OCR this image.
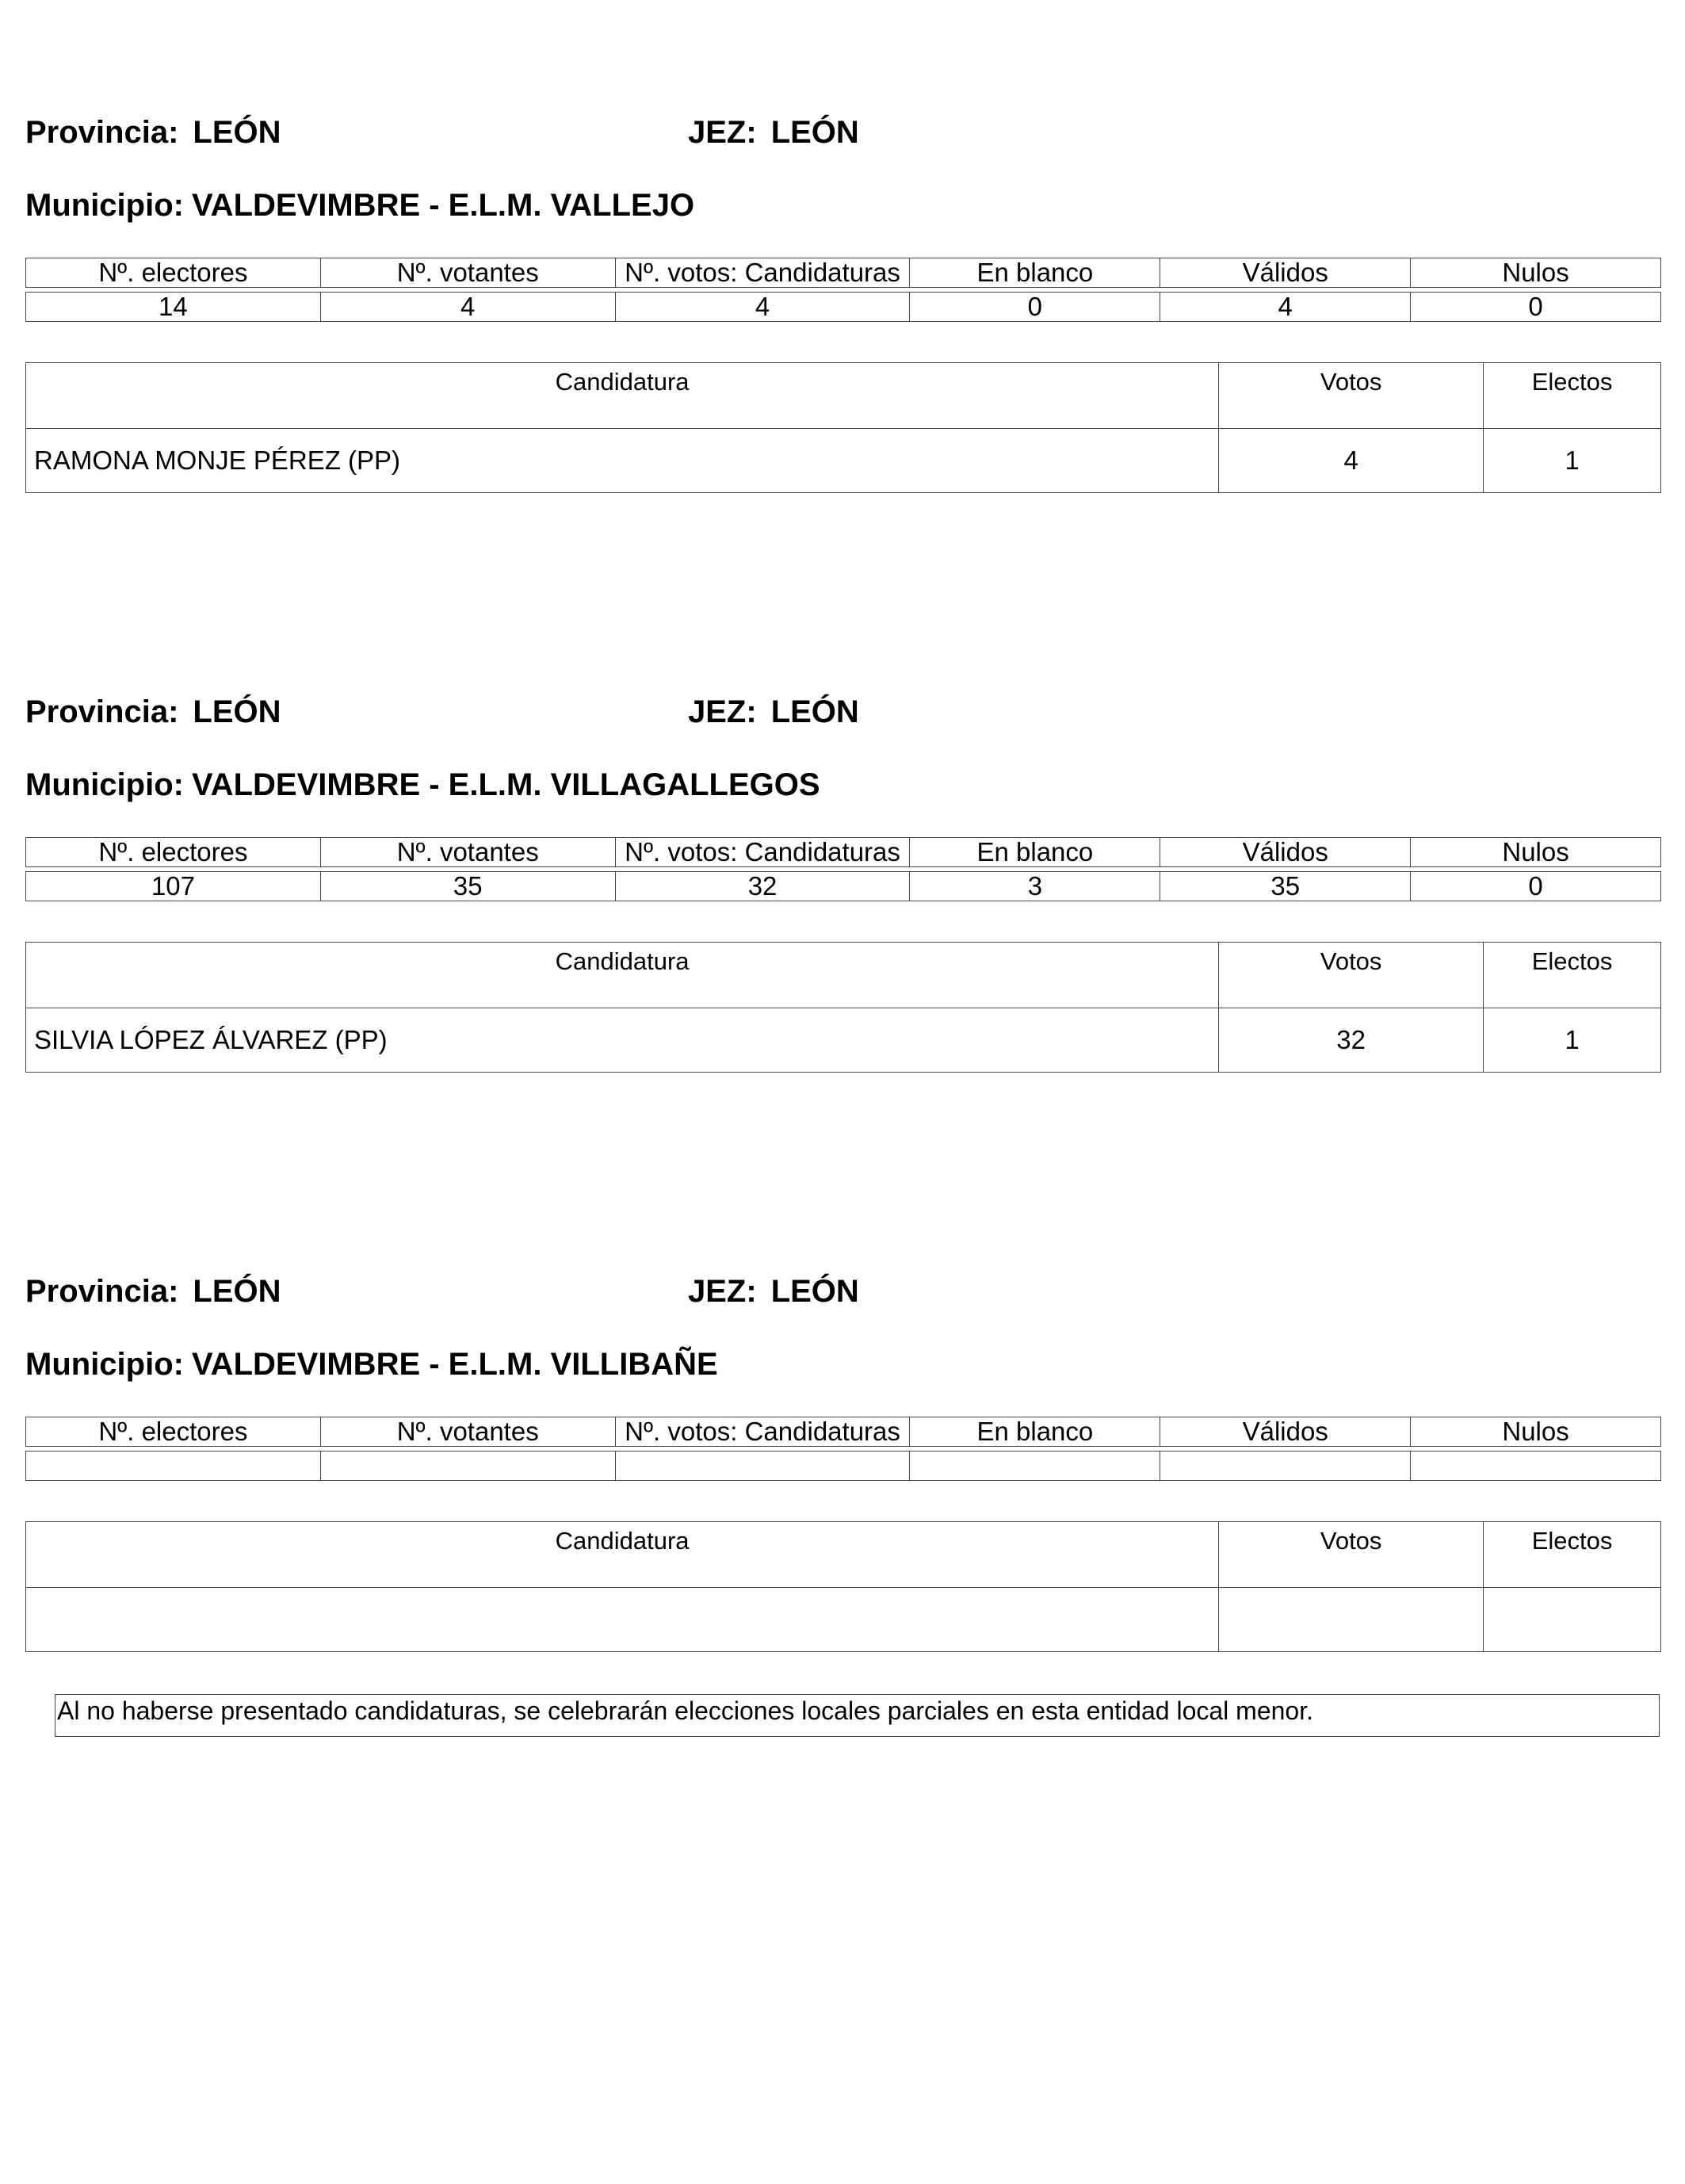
Provincia: LEÓN	JEZ: LEÓN
Municipio: VALDEVIMBRE - E.L.M. VALLEJO
Nº. electores	Nº. votantes	Nº. votos: Candidaturas	En blanco	Válidos	Nulos
14	4	4	0	4	0
Candidatura	Votos	Electos
RAMONA MONJE PÉREZ (PP)	4	1
Provincia: LEÓN	JEZ: LEÓN
Municipio: VALDEVIMBRE - E.L.M. VILLAGALLEGOS
Nº. electores	Nº. votantes	Nº. votos: Candidaturas	En blanco	Válidos	Nulos
107	35	32	3	35	0
Candidatura	Votos	Electos
SILVIA LÓPEZ ÁLVAREZ (PP)	32	1
Provincia: LEÓN	JEZ: LEÓN
Municipio: VALDEVIMBRE - E.L.M. VILLIBAÑE
Nº. electores	Nº. votantes	Nº. votos: Candidaturas	En blanco	Válidos	Nulos

Candidatura	Votos	Electos

Al no haberse presentado candidaturas, se celebrarán elecciones locales parciales en esta entidad local menor.
